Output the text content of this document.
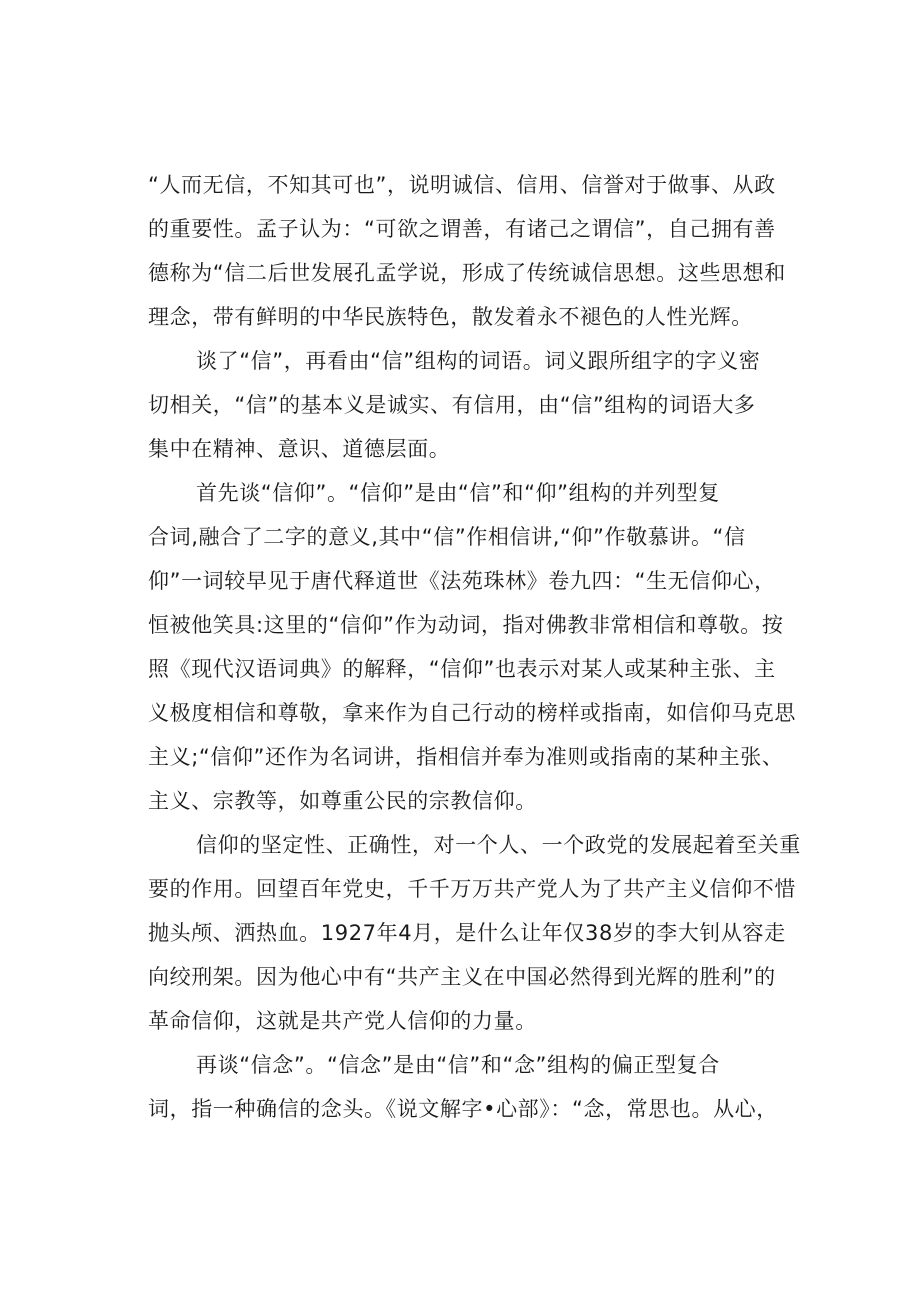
“人而无信，不知其可也”，说明诚信、信用、信誉对于做事、从政
的重要性。孟子认为：“可欲之谓善，有诸己之谓信”，自己拥有善
德称为“信二后世发展孔孟学说，形成了传统诚信思想。这些思想和
理念，带有鲜明的中华民族特色，散发着永不褪色的人性光辉。
谈了“信”，再看由“信”组构的词语。词义跟所组字的字义密
切相关，“信”的基本义是诚实、有信用，由“信”组构的词语大多
集中在精神、意识、道德层面。
首先谈“信仰”。“信仰”是由“信”和“仰”组构的并列型复
合词,融合了二字的意义,其中“信”作相信讲,“仰”作敬慕讲。“信
仰”一词较早见于唐代释道世《法苑珠林》卷九四：“生无信仰心，
恒被他笑具:这里的“信仰”作为动词，指对佛教非常相信和尊敬。按
照《现代汉语词典》的解释，“信仰”也表示对某人或某种主张、主
义极度相信和尊敬，拿来作为自己行动的榜样或指南，如信仰马克思
主义;“信仰”还作为名词讲，指相信并奉为准则或指南的某种主张、
主义、宗教等，如尊重公民的宗教信仰。
信仰的坚定性、正确性，对一个人、一个政党的发展起着至关重
要的作用。回望百年党史，千千万万共产党人为了共产主义信仰不惜
抛头颅、洒热血。1927年4月，是什么让年仅38岁的李大钊从容走
向绞刑架。因为他心中有“共产主义在中国必然得到光辉的胜利”的
革命信仰，这就是共产党人信仰的力量。
再谈“信念”。“信念”是由“信”和“念”组构的偏正型复合
词，指一种确信的念头。《说文解字•心部》：“念，常思也。从心，
